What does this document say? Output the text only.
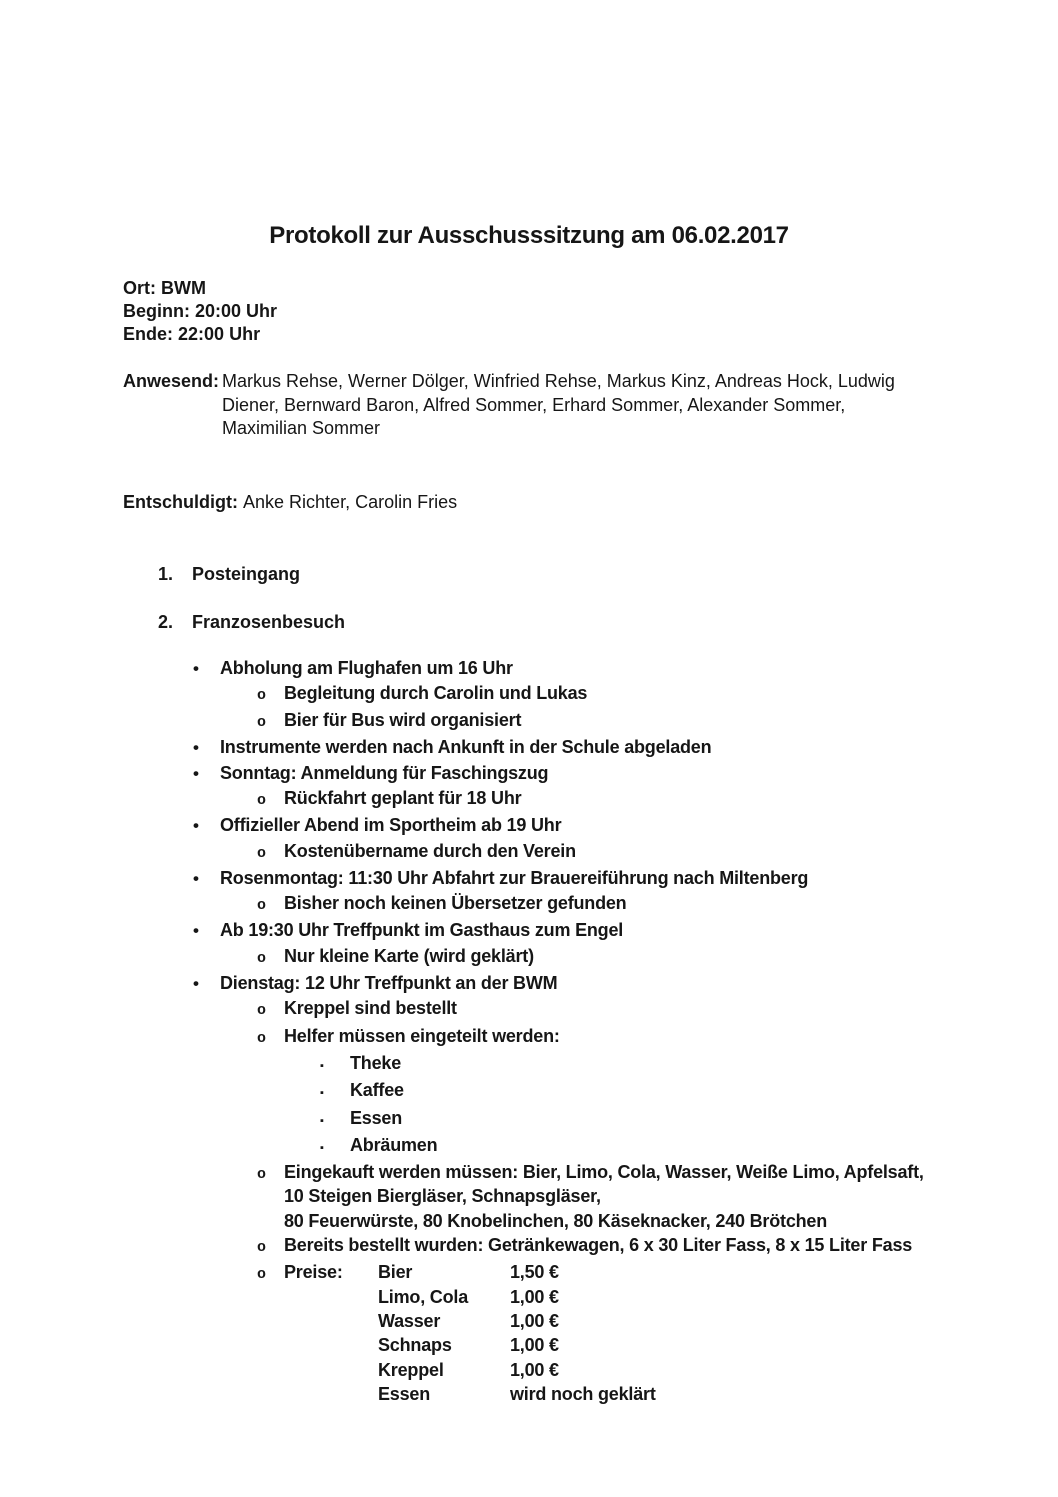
Protokoll zur Ausschusssitzung am 06.02.2017
Ort: BWM
Beginn: 20:00 Uhr
Ende: 22:00 Uhr
Anwesend: Markus Rehse, Werner Dölger, Winfried Rehse, Markus Kinz, Andreas Hock, Ludwig
Diener, Bernward Baron, Alfred Sommer, Erhard Sommer, Alexander Sommer,
Maximilian Sommer
Entschuldigt: Anke Richter, Carolin Fries
1.	Posteingang
2.	Franzosenbesuch
•	Abholung am Flughafen um 16 Uhr
o	Begleitung durch Carolin und Lukas
o	Bier für Bus wird organisiert
•	Instrumente werden nach Ankunft in der Schule abgeladen
•	Sonntag: Anmeldung für Faschingszug
o	Rückfahrt geplant für 18 Uhr
•	Offizieller Abend im Sportheim ab 19 Uhr
o	Kostenübername durch den Verein
•	Rosenmontag: 11:30 Uhr Abfahrt zur Brauereiführung nach Miltenberg
o	Bisher noch keinen Übersetzer gefunden
•	Ab 19:30 Uhr Treffpunkt im Gasthaus zum Engel
o	Nur kleine Karte (wird geklärt)
•	Dienstag: 12 Uhr Treffpunkt an der BWM
o	Kreppel sind bestellt
o	Helfer müssen eingeteilt werden:
▪	Theke
▪	Kaffee
▪	Essen
▪	Abräumen
o	Eingekauft werden müssen: Bier, Limo, Cola, Wasser, Weiße Limo, Apfelsaft,
10 Steigen Biergläser, Schnapsgläser,
80 Feuerwürste, 80 Knobelinchen, 80 Käseknacker, 240 Brötchen
o	Bereits bestellt wurden: Getränkewagen, 6 x 30 Liter Fass, 8 x 15 Liter Fass
o	Preise:	Bier	1,50 €
Limo, Cola	1,00 €
Wasser	1,00 €
Schnaps	1,00 €
Kreppel	1,00 €
Essen	wird noch geklärt
